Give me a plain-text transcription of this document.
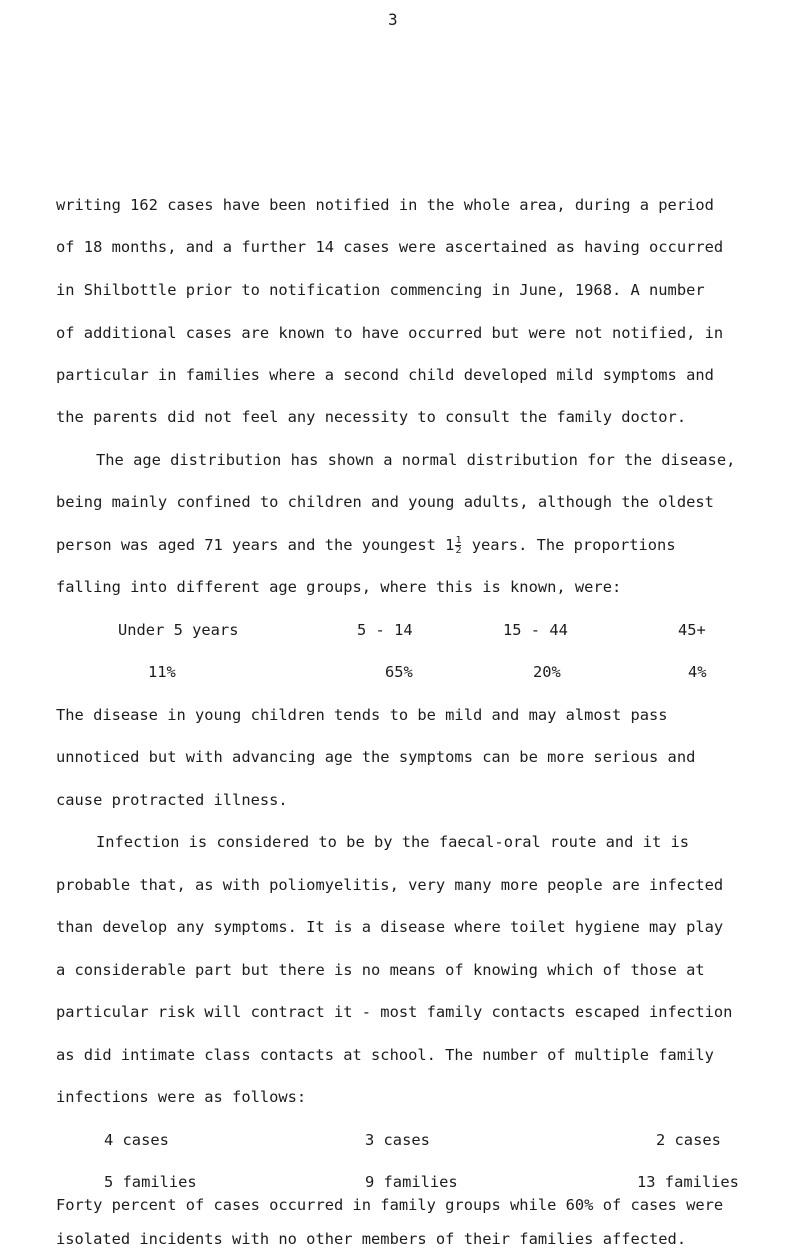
3
writing 162 cases have been notified in the whole area, during a period
of 18 months, and a further 14 cases were ascertained as having occurred
in Shilbottle prior to notification commencing in June, 1968. A number
of additional cases are known to have occurred but were not notified, in
particular in families where a second child developed mild symptoms and
the parents did not feel any necessity to consult the family doctor.
The age distribution has shown a normal distribution for the disease,
being mainly confined to children and young adults, although the oldest
person was aged 71 years and the youngest $1 \frac{1}{2}$ years. The proportions
falling into different age groups, where this is known, were:
Under 5 years	5 - 14	15 - 44	45+
11%	65%	20%	4%
The disease in young children tends to be mild and may almost pass
unnoticed but with advancing age the symptoms can be more serious and
cause protracted illness.
Infection is considered to be by the faecal-oral route and it is
probable that, as with poliomyelitis, very many more people are infected
than develop any symptoms. It is a disease where toilet hygiene may play
a considerable part but there is no means of knowing which of those at
particular risk will contract it - most family contacts escaped infection
as did intimate class contacts at school. The number of multiple family
infections were as follows:
4 cases	3 cases	2 cases
5 families	9 families	13 families
Forty percent of cases occurred in family groups while 60% of cases were
isolated incidents with no other members of their families affected.
